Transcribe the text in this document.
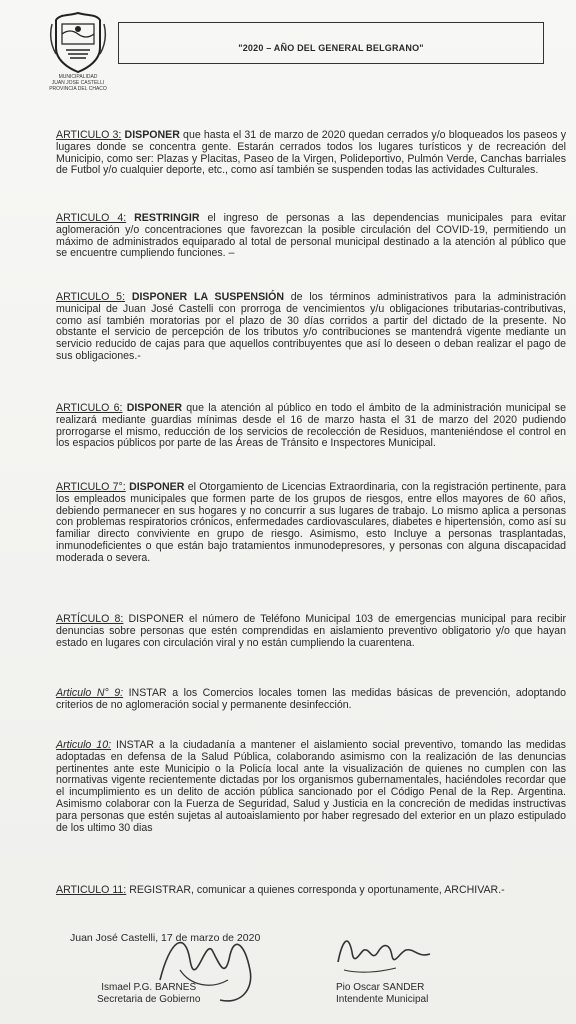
MUNICIPALIDAD
JUAN JOSE CASTELLI
PROVINCIA DEL CHACO
"2020 – AÑO DEL GENERAL BELGRANO"

ARTICULO 3: DISPONER que hasta el 31 de marzo de 2020 quedan cerrados y/o bloqueados los paseos y lugares donde se concentra gente. Estarán cerrados todos los lugares turísticos y de recreación del Municipio, como ser: Plazas y Placitas, Paseo de la Virgen, Polideportivo, Pulmón Verde, Canchas barriales de Futbol y/o cualquier deporte, etc., como así también se suspenden todas las actividades Culturales.

ARTICULO 4: RESTRINGIR el ingreso de personas a las dependencias municipales para evitar aglomeración y/o concentraciones que favorezcan la posible circulación del COVID-19, permitiendo un máximo de administrados equiparado al total de personal municipal destinado a la atención al público que se encuentre cumpliendo funciones. –

ARTICULO 5: DISPONER LA SUSPENSIÓN de los términos administrativos para la administración municipal de Juan José Castelli con prorroga de vencimientos y/u obligaciones tributarias-contributivas, como así también moratorias por el plazo de 30 días corridos a partir del dictado de la presente. No obstante el servicio de percepción de los tributos y/o contribuciones se mantendrá vigente mediante un servicio reducido de cajas para que aquellos contribuyentes que así lo deseen o deban realizar el pago de sus obligaciones.-

ARTICULO 6: DISPONER que la atención al público en todo el ámbito de la administración municipal se realizará mediante guardias mínimas desde el 16 de marzo hasta el 31 de marzo del 2020 pudiendo prorrogarse el mismo, reducción de los servicios de recolección de Residuos, manteniéndose el control en los espacios públicos por parte de las Áreas de Tránsito e Inspectores Municipal.

ARTICULO 7°: DISPONER el Otorgamiento de Licencias Extraordinaria, con la registración pertinente, para los empleados municipales que formen parte de los grupos de riesgos, entre ellos mayores de 60 años, debiendo permanecer en sus hogares y no concurrir a sus lugares de trabajo. Lo mismo aplica a personas con problemas respiratorios crónicos, enfermedades cardiovasculares, diabetes e hipertensión, como así su familiar directo conviviente en grupo de riesgo. Asimismo, esto Incluye a personas trasplantadas, inmunodeficientes o que están bajo tratamientos inmunodepresores, y personas con alguna discapacidad moderada o severa.

ARTÍCULO 8: DISPONER el número de Teléfono Municipal 103 de emergencias municipal para recibir denuncias sobre personas que estén comprendidas en aislamiento preventivo obligatorio y/o que hayan estado en lugares con circulación viral y no están cumpliendo la cuarentena.

Articulo N° 9: INSTAR a los Comercios locales tomen las medidas básicas de prevención, adoptando criterios de no aglomeración social y permanente desinfección.

Articulo 10: INSTAR a la ciudadanía a mantener el aislamiento social preventivo, tomando las medidas adoptadas en defensa de la Salud Pública, colaborando asimismo con la realización de las denuncias pertinentes ante este Municipio o la Policía local ante la visualización de quienes no cumplen con las normativas vigente recientemente dictadas por los organismos gubernamentales, haciéndoles recordar que el incumplimiento es un delito de acción pública sancionado por el Código Penal de la Rep. Argentina. Asimismo colaborar con la Fuerza de Seguridad, Salud y Justicia en la concreción de medidas instructivas para personas que estén sujetas al autoaislamiento por haber regresado del exterior en un plazo estipulado de los ultimo 30 dias

ARTICULO 11: REGISTRAR, comunicar a quienes corresponda y oportunamente, ARCHIVAR.-

Juan José Castelli, 17 de marzo de 2020
Ismael P.G. BARNES
Secretaria de Gobierno
Pio Oscar SANDER
Intendente Municipal
